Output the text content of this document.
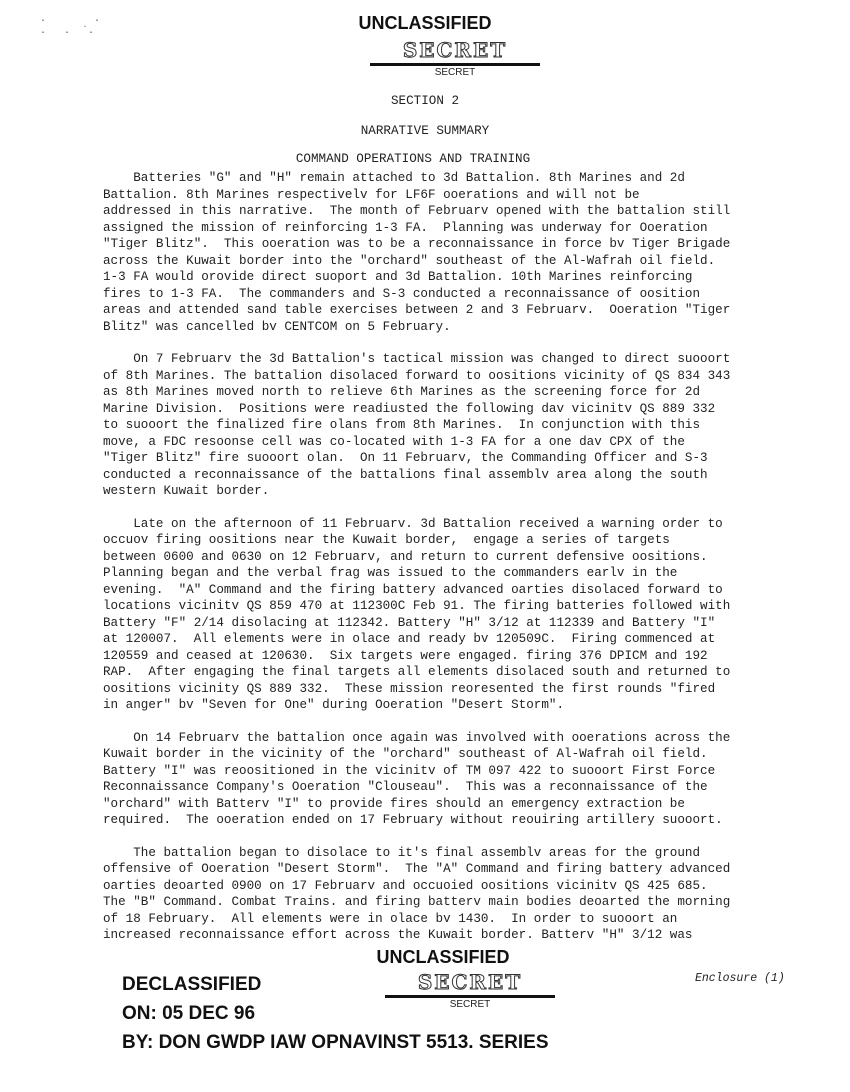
.        .
.   .  `.	UNCLASSIFIED
SECRET
SECRET
SECTION 2
NARRATIVE SUMMARY
COMMAND OPERATIONS AND TRAINING
Batteries "G" and "H" remain attached to 3d Battalion. 8th Marines and 2d
Battalion. 8th Marines respectivelv for LF6F ooerations and will not be
addressed in this narrative.  The month of Februarv opened with the battalion still
assigned the mission of reinforcing 1-3 FA.  Planning was underway for Ooeration
"Tiger Blitz".  This ooeration was to be a reconnaissance in force bv Tiger Brigade
across the Kuwait border into the "orchard" southeast of the Al-Wafrah oil field.
1-3 FA would orovide direct suoport and 3d Battalion. 10th Marines reinforcing
fires to 1-3 FA.  The commanders and S-3 conducted a reconnaissance of oosition
areas and attended sand table exercises between 2 and 3 Februarv.  Ooeration "Tiger
Blitz" was cancelled bv CENTCOM on 5 February.
On 7 Februarv the 3d Battalion's tactical mission was changed to direct suooort
of 8th Marines. The battalion disolaced forward to oositions vicinity of QS 834 343
as 8th Marines moved north to relieve 6th Marines as the screening force for 2d
Marine Division.  Positions were readiusted the following dav vicinitv QS 889 332
to suooort the finalized fire olans from 8th Marines.  In conjunction with this
move, a FDC resoonse cell was co-located with 1-3 FA for a one dav CPX of the
"Tiger Blitz" fire suooort olan.  On 11 Februarv, the Commanding Officer and S-3
conducted a reconnaissance of the battalions final assemblv area along the south
western Kuwait border.
Late on the afternoon of 11 Februarv. 3d Battalion received a warning order to
occuov firing oositions near the Kuwait border,  engage a series of targets
between 0600 and 0630 on 12 Februarv, and return to current defensive oositions.
Planning began and the verbal frag was issued to the commanders earlv in the
evening.  "A" Command and the firing battery advanced oarties disolaced forward to
locations vicinitv QS 859 470 at 112300C Feb 91. The firing batteries followed with
Battery "F" 2/14 disolacing at 112342. Battery "H" 3/12 at 112339 and Battery "I"
at 120007.  All elements were in olace and ready bv 120509C.  Firing commenced at
120559 and ceased at 120630.  Six targets were engaged. firing 376 DPICM and 192
RAP.  After engaging the final targets all elements disolaced south and returned to
oositions vicinity QS 889 332.  These mission reoresented the first rounds "fired
in anger" bv "Seven for One" during Ooeration "Desert Storm".
On 14 Februarv the battalion once again was involved with ooerations across the
Kuwait border in the vicinity of the "orchard" southeast of Al-Wafrah oil field.
Battery "I" was reoositioned in the vicinitv of TM 097 422 to suooort First Force
Reconnaissance Company's Ooeration "Clouseau".  This was a reconnaissance of the
"orchard" with Batterv "I" to provide fires should an emergency extraction be
required.  The ooeration ended on 17 February without reouiring artillery suooort.
The battalion began to disolace to it's final assemblv areas for the ground
offensive of Ooeration "Desert Storm".  The "A" Command and firing battery advanced
oarties deoarted 0900 on 17 Februarv and occuoied oositions vicinitv QS 425 685.
The "B" Command. Combat Trains. and firing batterv main bodies deoarted the morning
of 18 February.  All elements were in olace bv 1430.  In order to suooort an
increased reconnaissance effort across the Kuwait border. Batterv "H" 3/12 was
UNCLASSIFIED
SECRET
SECRET
Enclosure (1)
DECLASSIFIED
ON: 05 DEC 96
BY: DON GWDP IAW OPNAVINST 5513. SERIES
